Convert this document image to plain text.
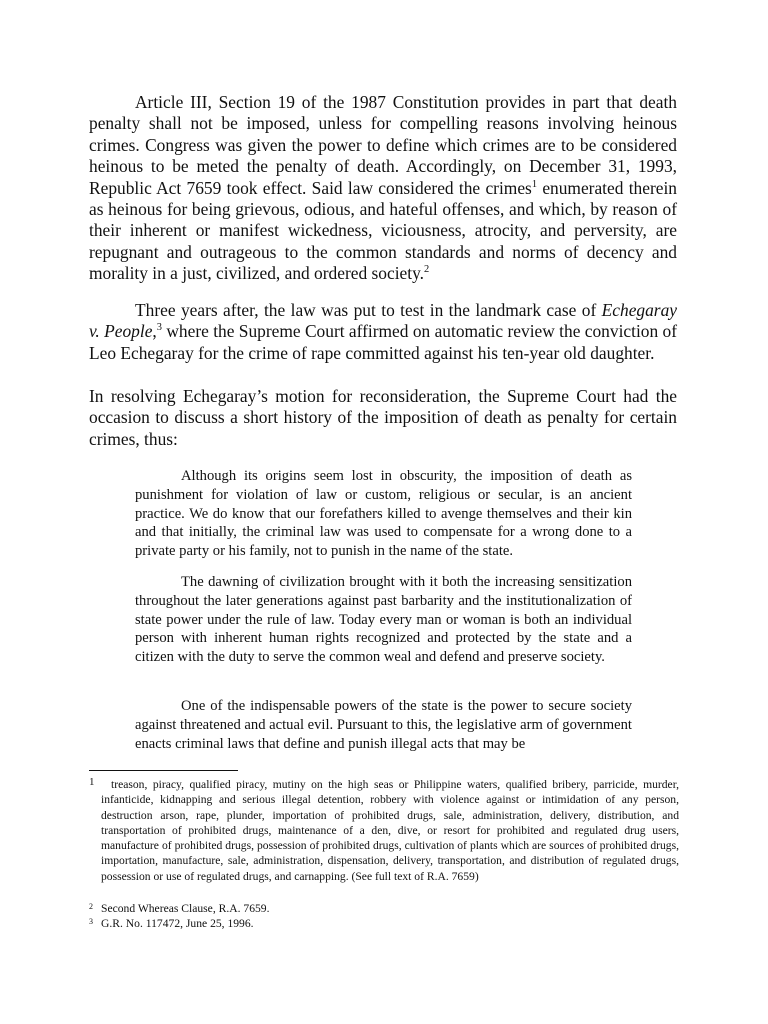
Article III, Section 19 of the 1987 Constitution provides in part that death penalty shall not be imposed, unless for compelling reasons involving heinous crimes. Congress was given the power to define which crimes are to be considered heinous to be meted the penalty of death. Accordingly, on December 31, 1993, Republic Act 7659 took effect. Said law considered the crimes$^1$ enumerated therein as heinous for being grievous, odious, and hateful offenses, and which, by reason of their inherent or manifest wickedness, viciousness, atrocity, and perversity, are repugnant and outrageous to the common standards and norms of decency and morality in a just, civilized, and ordered society.$^2$

Three years after, the law was put to test in the landmark case of Echegaray v. People,$^3$ where the Supreme Court affirmed on automatic review the conviction of Leo Echegaray for the crime of rape committed against his ten-year old daughter.

In resolving Echegaray’s motion for reconsideration, the Supreme Court had the occasion to discuss a short history of the imposition of death as penalty for certain crimes, thus:

Although its origins seem lost in obscurity, the imposition of death as punishment for violation of law or custom, religious or secular, is an ancient practice. We do know that our forefathers killed to avenge themselves and their kin and that initially, the criminal law was used to compensate for a wrong done to a private party or his family, not to punish in the name of the state.

The dawning of civilization brought with it both the increasing sensitization throughout the later generations against past barbarity and the institutionalization of state power under the rule of law. Today every man or woman is both an individual person with inherent human rights recognized and protected by the state and a citizen with the duty to serve the common weal and defend and preserve society.

One of the indispensable powers of the state is the power to secure society against threatened and actual evil. Pursuant to this, the legislative arm of government enacts criminal laws that define and punish illegal acts that may be

1	treason, piracy, qualified piracy, mutiny on the high seas or Philippine waters, qualified bribery, parricide, murder, infanticide, kidnapping and serious illegal detention, robbery with violence against or intimidation of any person, destruction arson, rape, plunder, importation of prohibited drugs, sale, administration, delivery, distribution, and transportation of prohibited drugs, maintenance of a den, dive, or resort for prohibited and regulated drug users, manufacture of prohibited drugs, possession of prohibited drugs, cultivation of plants which are sources of prohibited drugs, importation, manufacture, sale, administration, dispensation, delivery, transportation, and distribution of regulated drugs, possession or use of regulated drugs, and carnapping. (See full text of R.A. 7659)
2 Second Whereas Clause, R.A. 7659.
3 G.R. No. 117472, June 25, 1996.
